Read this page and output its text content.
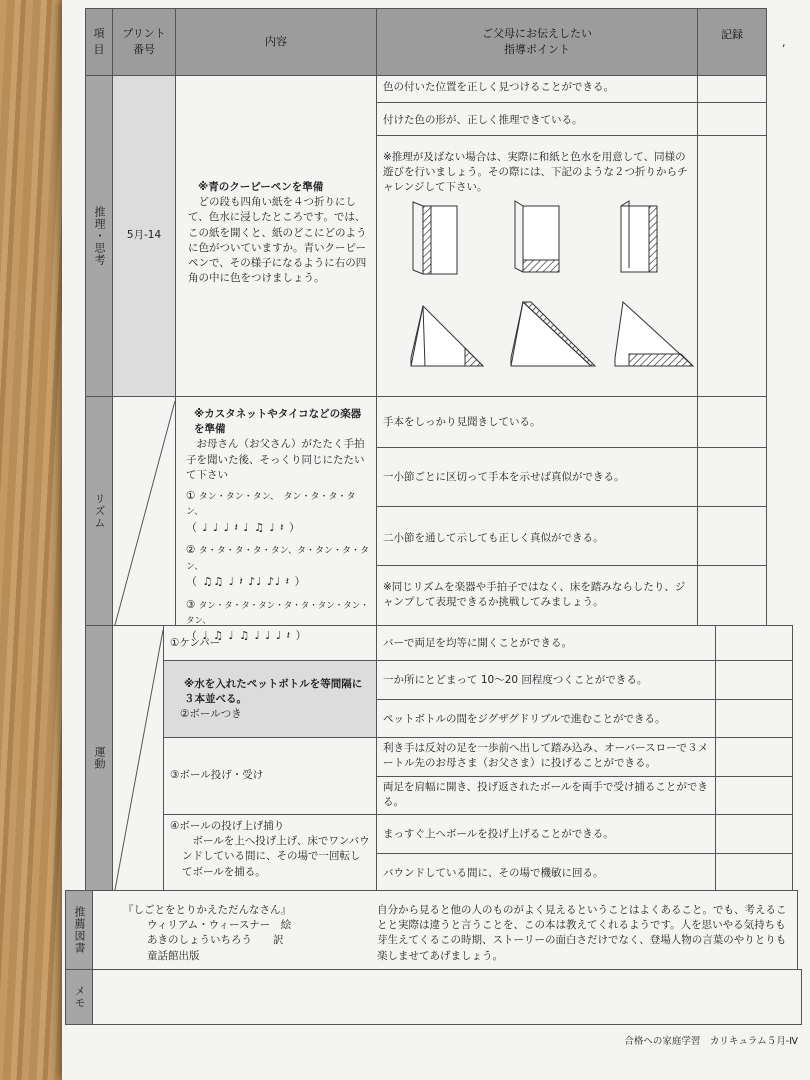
項目
プリント番号
内容
ご父母にお伝えしたい
指導ポイント
記録
,
推理・思考 5月-14
※青のクーピーペンを準備
どの段も四角い紙を４つ折りにして、色水に浸したところです。では、この紙を開くと、紙のどこにどのように色がついていますか。青いクーピーペンで、その様子になるように右の四角の中に色をつけましょう。
色の付いた位置を正しく見つけることができる。
付けた色の形が、正しく推理できている。
※推理が及ばない場合は、実際に和紙と色水を用意して、同様の遊びを行いましょう。その際には、下記のような２つ折りからチャレンジして下さい。
リズム
※カスタネットやタイコなどの楽器を準備
お母さん（お父さん）がたたく手拍子を聞いた後、そっくり同じにたたいて下さい
① タン・タン・タン、　タン・タ・タ・タン、
（ ♩ ♩ ♩ 𝄽 ♩ ♫ ♩ 𝄽 ）
② タ・タ・タ・タ・タン、タ・タン・タ・タン、
（ ♫♫ ♩ 𝄽 ♪♩ ♪♩ 𝄽 ）
③ タン・タ・タ・タン・タ・タ・タン・タン・タン、
（ ♩ ♫ ♩ ♫ ♩ ♩ ♩ 𝄽 ）
手本をしっかり見聞きしている。
一小節ごとに区切って手本を示せば真似ができる。
二小節を通して示しても正しく真似ができる。
※同じリズムを楽器や手拍子ではなく、床を踏みならしたり、ジャンプして表現できるか挑戦してみましょう。
運動
①ケンパー
※水を入れたペットボトルを等間隔に３本並べる。
②ボールつき
③ボール投げ・受け
④ボールの投げ上げ捕り
ボールを上へ投げ上げ、床でワンバウンドしている間に、その場で一回転してボールを捕る。
バーで両足を均等に開くことができる。
一か所にとどまって 10〜20 回程度つくことができる。
ペットボトルの間をジグザグドリブルで進むことができる。
利き手は反対の足を一歩前へ出して踏み込み、オーバースローで３メートル先のお母さま（お父さま）に投げることができる。
両足を肩幅に開き、投げ返されたボールを両手で受け捕ることができる。
まっすぐ上へボールを投げ上げることができる。
バウンドしている間に、その場で機敏に回る。
推薦図書	『しごとをとりかえただんなさん』
ウィリアム・ウィースナー　絵
あきのしょういちろう　　訳
童話館出版
自分から見ると他の人のものがよく見えるということはよくあること。でも、考えることと実際は違うと言うことを、この本は教えてくれるようです。人を思いやる気持ちも芽生えてくるこの時期、ストーリーの面白さだけでなく、登場人物の言葉のやりとりも楽しませてあげましょう。
メモ
合格への家庭学習　カリキュラム５月-Ⅳ
